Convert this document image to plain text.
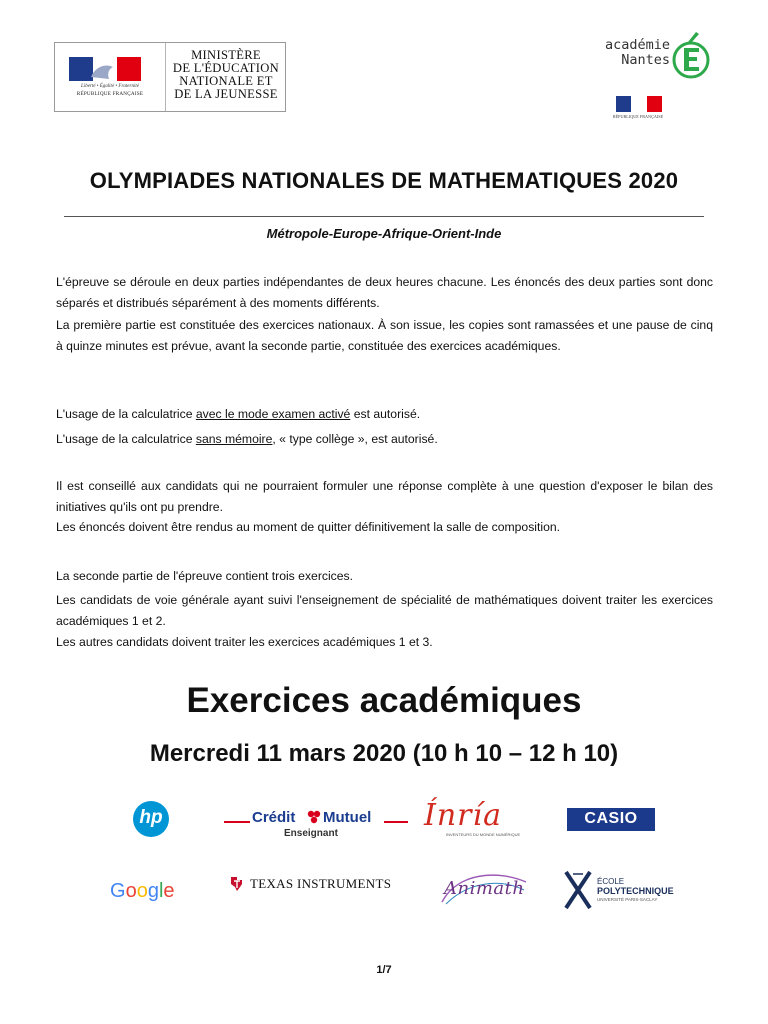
Liberté • Égalité • Fraternité
RÉPUBLIQUE FRANÇAISE
MINISTÈRE
DE L'ÉDUCATION
NATIONALE ET
DE LA JEUNESSE
académie
Nantes
RÉPUBLIQUE FRANÇAISE
OLYMPIADES NATIONALES DE MATHEMATIQUES 2020
Métropole-Europe-Afrique-Orient-Inde

L'épreuve se déroule en deux parties indépendantes de deux heures chacune. Les énoncés des deux parties sont donc séparés et distribués séparément à des moments différents.

La première partie est constituée des exercices nationaux. À son issue, les copies sont ramassées et une pause de cinq à quinze minutes est prévue, avant la seconde partie, constituée des exercices académiques.

L'usage de la calculatrice avec le mode examen activé est autorisé.

L'usage de la calculatrice sans mémoire, « type collège », est autorisé.

Il est conseillé aux candidats qui ne pourraient formuler une réponse complète à une question d'exposer le bilan des initiatives qu'ils ont pu prendre.

Les énoncés doivent être rendus au moment de quitter définitivement la salle de composition.

La seconde partie de l'épreuve contient trois exercices.

Les candidats de voie générale ayant suivi l'enseignement de spécialité de mathématiques doivent traiter les exercices académiques 1 et 2.

Les autres candidats doivent traiter les exercices académiques 1 et 3.

Exercices académiques
Mercredi 11 mars 2020 (10 h 10 – 12 h 10)
hp	Crédit Mutuel
Enseignant
Ínría
INVENTEURS DU MONDE NUMÉRIQUE
CASIO
Google	TEXAS INSTRUMENTS	Animath	ÉCOLE
POLYTECHNIQUE
UNIVERSITÉ PARIS-SACLAY
1/7
